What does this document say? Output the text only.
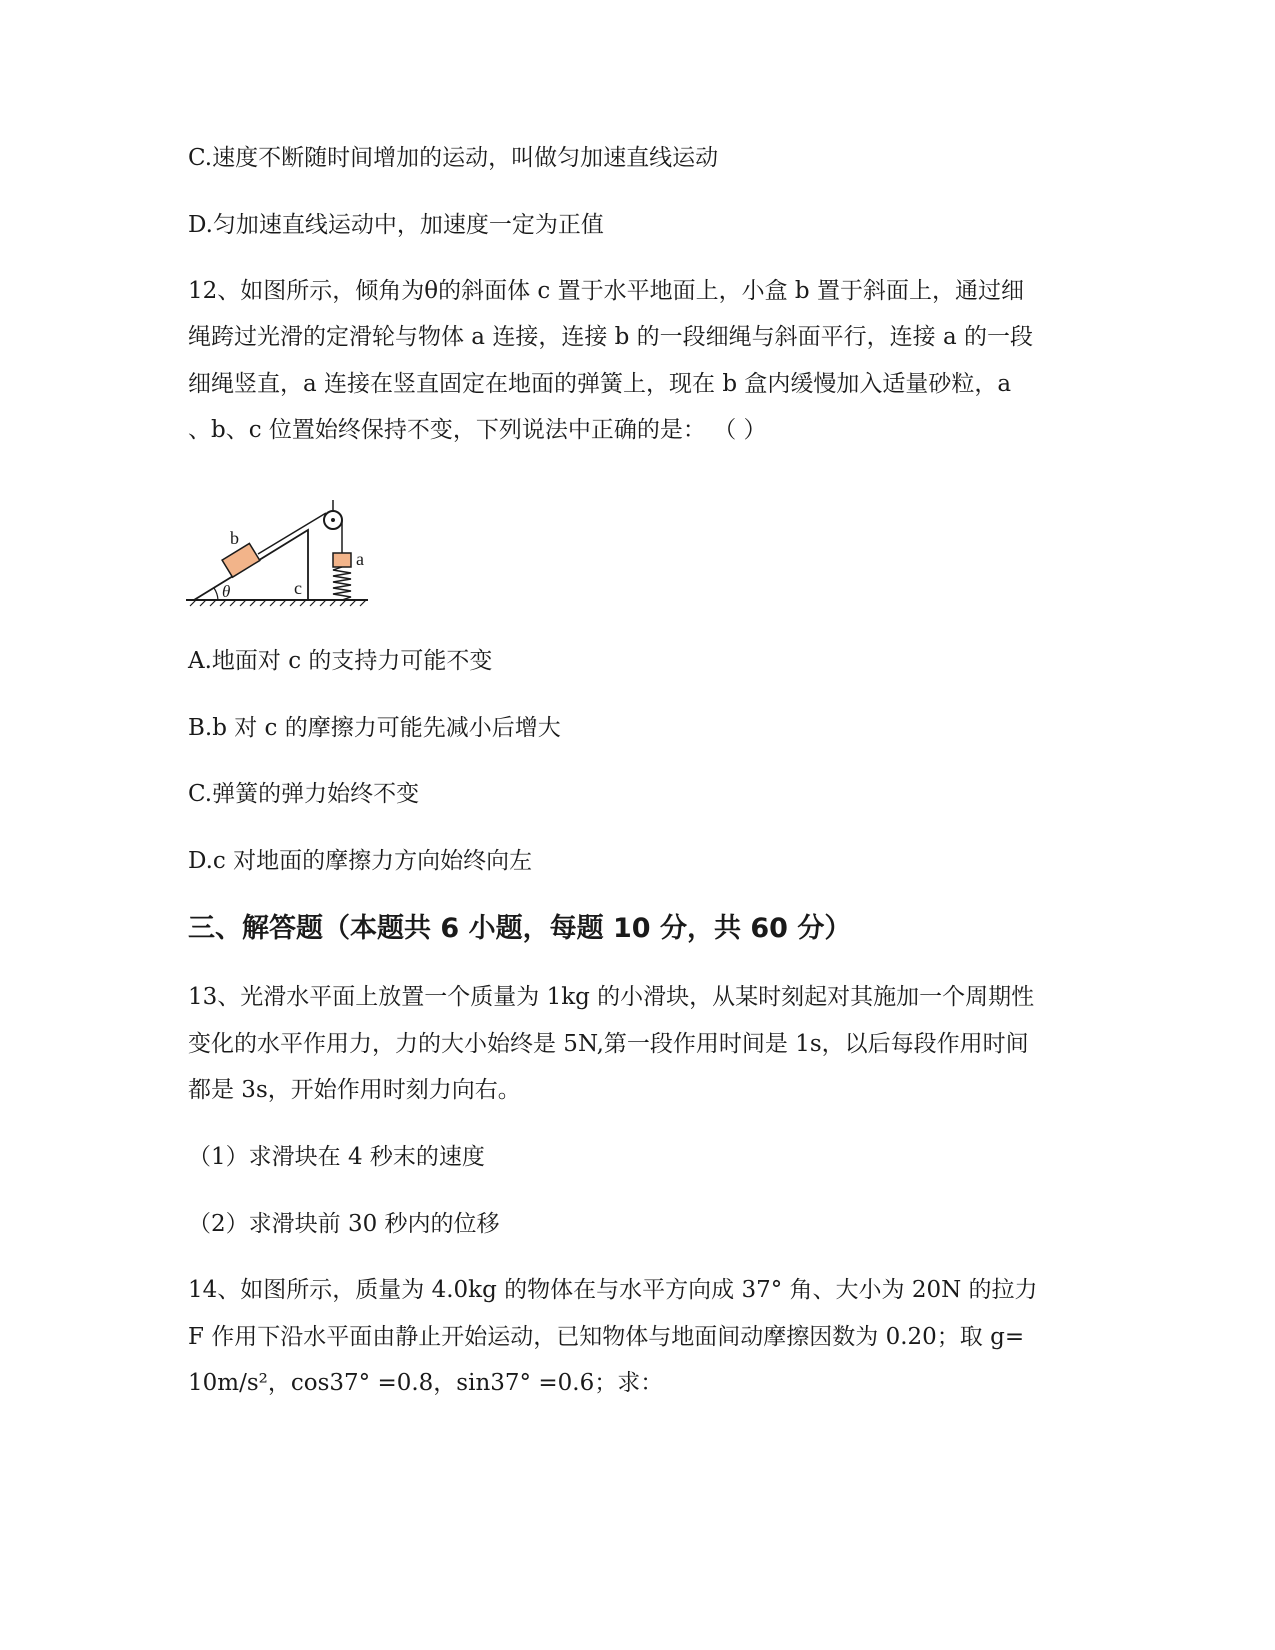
C.速度不断随时间增加的运动，叫做匀加速直线运动
D.匀加速直线运动中，加速度一定为正值
12、如图所示，倾角为θ的斜面体 c 置于水平地面上，小盒 b 置于斜面上，通过细
绳跨过光滑的定滑轮与物体 a 连接，连接 b 的一段细绳与斜面平行，连接 a 的一段
细绳竖直，a 连接在竖直固定在地面的弹簧上，现在 b 盒内缓慢加入适量砂粒，a
、b、c 位置始终保持不变，下列说法中正确的是： （ ）
b
a
c
θ
A.地面对 c 的支持力可能不变
B.b 对 c 的摩擦力可能先减小后增大
C.弹簧的弹力始终不变
D.c 对地面的摩擦力方向始终向左
三、解答题（本题共 6 小题，每题 10 分，共 60 分）
13、光滑水平面上放置一个质量为 1kg 的小滑块，从某时刻起对其施加一个周期性
变化的水平作用力，力的大小始终是 5N,第一段作用时间是 1s，以后每段作用时间
都是 3s，开始作用时刻力向右。
（1）求滑块在 4 秒末的速度
（2）求滑块前 30 秒内的位移
14、如图所示，质量为 4.0kg 的物体在与水平方向成 37° 角、大小为 20N 的拉力
F 作用下沿水平面由静止开始运动，已知物体与地面间动摩擦因数为 0.20；取 g=
10m/s²，cos37° =0.8，sin37° =0.6；求：
